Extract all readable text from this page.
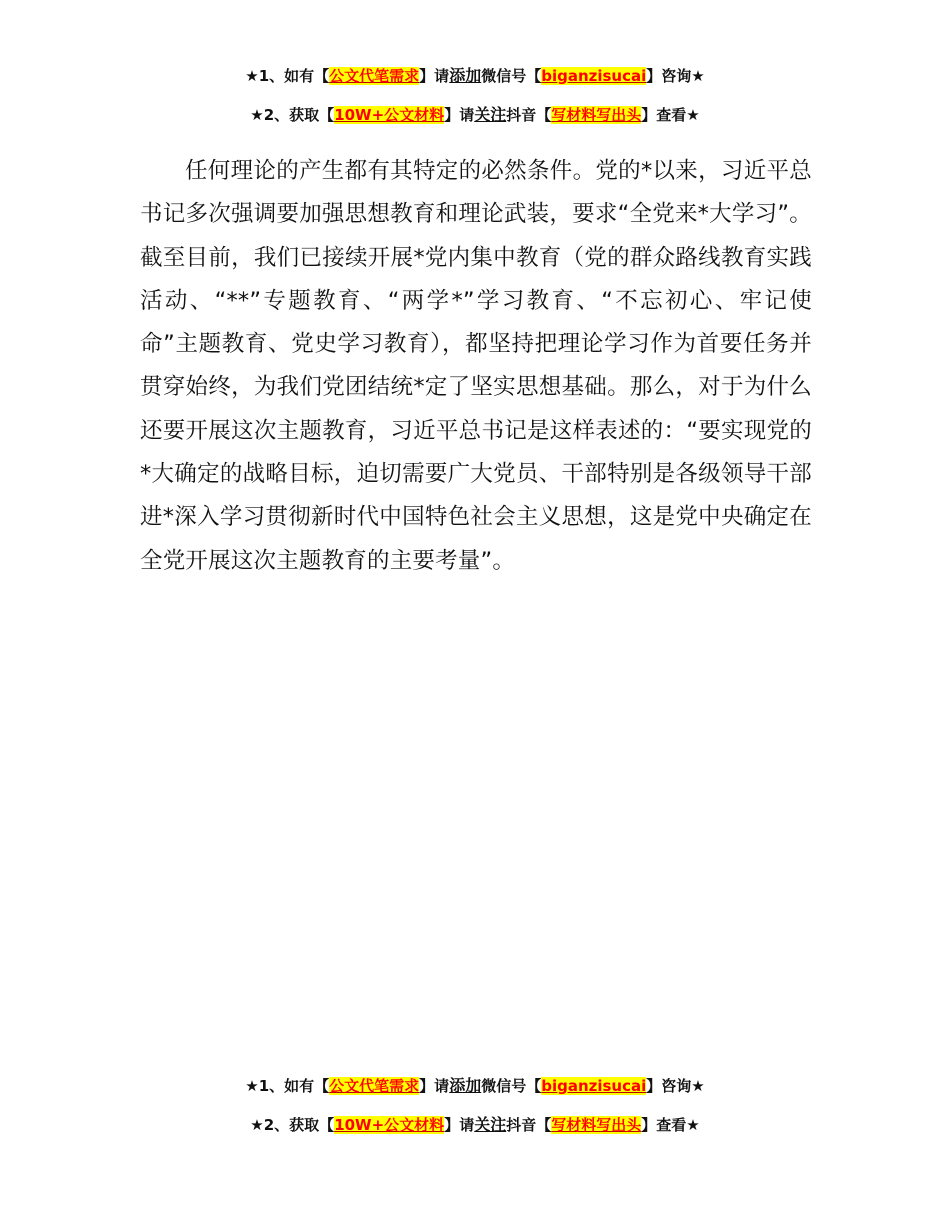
★1、如有【公文代笔需求】请添加微信号【biganzisucai】咨询★
★2、获取【10W+公文材料】请关注抖音【写材料写出头】查看★

任何理论的产生都有其特定的必然条件。党的*以来，习近平总书记多次强调要加强思想教育和理论武装，要求“全党来*大学习”。截至目前，我们已接续开展*党内集中教育（党的群众路线教育实践活动、“**”专题教育、“两学*”学习教育、“不忘初心、牢记使命”主题教育、党史学习教育），都坚持把理论学习作为首要任务并贯穿始终，为我们党团结统*定了坚实思想基础。那么，对于为什么还要开展这次主题教育，习近平总书记是这样表述的：“要实现党的*大确定的战略目标，迫切需要广大党员、干部特别是各级领导干部进*深入学习贯彻新时代中国特色社会主义思想，这是党中央确定在全党开展这次主题教育的主要考量”。

★1、如有【公文代笔需求】请添加微信号【biganzisucai】咨询★
★2、获取【10W+公文材料】请关注抖音【写材料写出头】查看★
